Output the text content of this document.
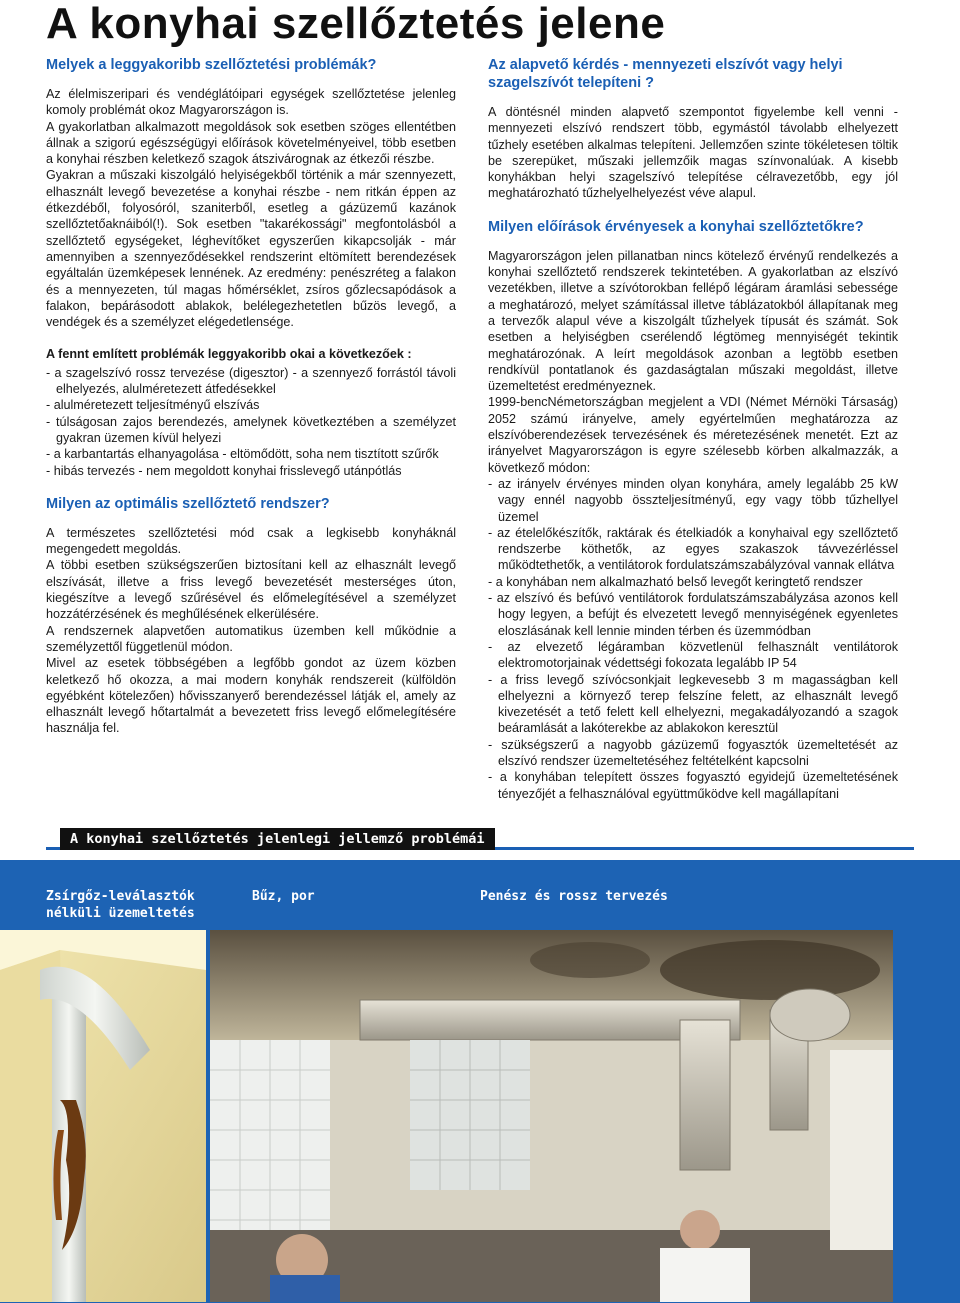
A konyhai szellőztetés jelene

Melyek a leggyakoribb szellőztetési problémák?

Az élelmiszeripari és vendéglátóipari egységek szellőztetése jelenleg komoly problémát okoz Magyarországon is.

A gyakorlatban alkalmazott megoldások sok esetben szöges ellentétben állnak a szigorú egészségügyi előírások követelményeivel, több esetben a konyhai részben keletkező szagok átszivárognak az étkezői részbe.

Gyakran a műszaki kiszolgáló helyiségekből történik a már szennyezett, elhasznált levegő bevezetése a konyhai részbe - nem ritkán éppen az étkezdéből, folyosóról, szaniterből, esetleg a gázüzemű kazánok szellőztetőaknáiból(!). Sok esetben "takarékossági" megfontolásból a szellőztető egységeket, léghevítőket egyszerűen kikapcsolják - már amennyiben a szennyeződésekkel rendszerint eltömített berendezések egyáltalán üzemképesek lennének. Az eredmény: penészréteg a falakon és a mennyezeten, túl magas hőmérséklet, zsíros gőzlecsapódások a falakon, bepárásodott ablakok, belélegezhetetlen bűzös levegő, a vendégek és a személyzet elégedetlensége.

A fennt említett problémák leggyakoribb okai a következőek :

- a szagelszívó rossz tervezése (digesztor) - a szennyező forrástól távoli elhelyezés, alulméretezett átfedésekkel
- alulméretezett teljesítményű elszívás
- túlságosan zajos berendezés, amelynek következtében a személyzet gyakran üzemen kívül helyezi
- a karbantartás elhanyagolása - eltömődött, soha nem tisztított szűrők
- hibás tervezés - nem megoldott konyhai frisslevegő utánpótlás

Milyen az optimális szellőztető rendszer?

A természetes szellőztetési mód csak a legkisebb konyháknál megengedett megoldás.

A többi esetben szükségszerűen biztosítani kell az elhasznált levegő elszívását, illetve a friss levegő bevezetését mesterséges úton, kiegészítve a levegő szűrésével és előmelegítésével a személyzet hozzátérzésének és meghűlésének elkerülésére.

A rendszernek alapvetően automatikus üzemben kell működnie a személyzettől függetlenül módon.

Mivel az esetek többségében a legfőbb gondot az üzem közben keletkező hő okozza, a mai modern konyhák rendszereit (külföldön egyébként kötelezően) hővisszanyerő berendezéssel látják el, amely az elhasznált levegő hőtartalmát a bevezetett friss levegő előmelegítésére használja fel.

Az alapvető kérdés - mennyezeti elszívót vagy helyi szagelszívót telepíteni ?

A döntésnél minden alapvető szempontot figyelembe kell venni - mennyezeti elszívó rendszert több, egymástól távolabb elhelyezett tűzhely esetében alkalmas telepíteni. Jellemzően szinte tökéletesen töltik be szerepüket, műszaki jellemzőik magas színvonalúak. A kisebb konyhákban helyi szagelszívó telepítése célravezetőbb, egy jól meghatározható tűzhelyelhelyezést véve alapul.

Milyen előírások érvényesek a konyhai szellőztetőkre?

Magyarországon jelen pillanatban nincs kötelező érvényű rendelkezés a konyhai szellőztető rendszerek tekintetében. A gyakorlatban az elszívó vezetékben, illetve a szívótorokban fellépő légáram áramlási sebessége a meghatározó, melyet számítással illetve táblázatokból állapítanak meg a tervezők alapul véve a kiszolgált tűzhelyek típusát és számát. Sok esetben a helyiségben cserélendő légtömeg mennyiségét tekintik meghatározónak. A leírt megoldások azonban a legtöbb esetben rendkívül pontatlanok és gazdaságtalan műszaki megoldást, illetve üzemeltetést eredményeznek.

1999-bencNémetországban megjelent a VDI (Német Mérnöki Társaság) 2052 számú irányelve, amely egyértelműen meghatározza az elszívóberendezések tervezésének és méretezésének menetét. Ezt az irányelvet Magyarországon is egyre szélesebb körben alkalmazzák, a következő módon:

- az irányelv érvényes minden olyan konyhára, amely legalább 25 kW vagy ennél nagyobb összteljesítményű, egy vagy több tűzhellyel üzemel
- az ételelőkészítők, raktárak és ételkiadók a konyhaival egy szellőztető rendszerbe köthetők, az egyes szakaszok távvezérléssel működtethetők, a ventilátorok fordulatszámszabályzóval vannak ellátva
- a konyhában nem alkalmazható belső levegőt keringtető rendszer
- az elszívó és befúvó ventilátorok fordulatszámszabályzása azonos kell hogy legyen, a befújt és elvezetett levegő mennyiségének egyenletes eloszlásának kell lennie minden térben és üzemmódban
- az elvezető légáramban közvetlenül felhasznált ventilátorok elektromotorjainak védettségi fokozata legalább IP 54
- a friss levegő szívócsonkjait legkevesebb 3 m magasságban kell elhelyezni a környező terep felszíne felett, az elhasznált levegő kivezetését a tető felett kell elhelyezni, megakadályozandó a szagok beáramlását a lakóterekbe az ablakokon keresztül
- szükségszerű a nagyobb gázüzemű fogyasztók üzemeltetését az elszívó rendszer üzemeltetéséhez feltételként kapcsolni
- a konyhában telepített összes fogyasztó egyidejű üzemeltetésének tényezőjét a felhasználóval együttműködve kell magállapítani
A konyhai szellőztetés jelenlegi jellemző problémái
Zsírgőz-leválasztók nélküli üzemeltetés
Bűz, por	Penész és rossz tervezés
